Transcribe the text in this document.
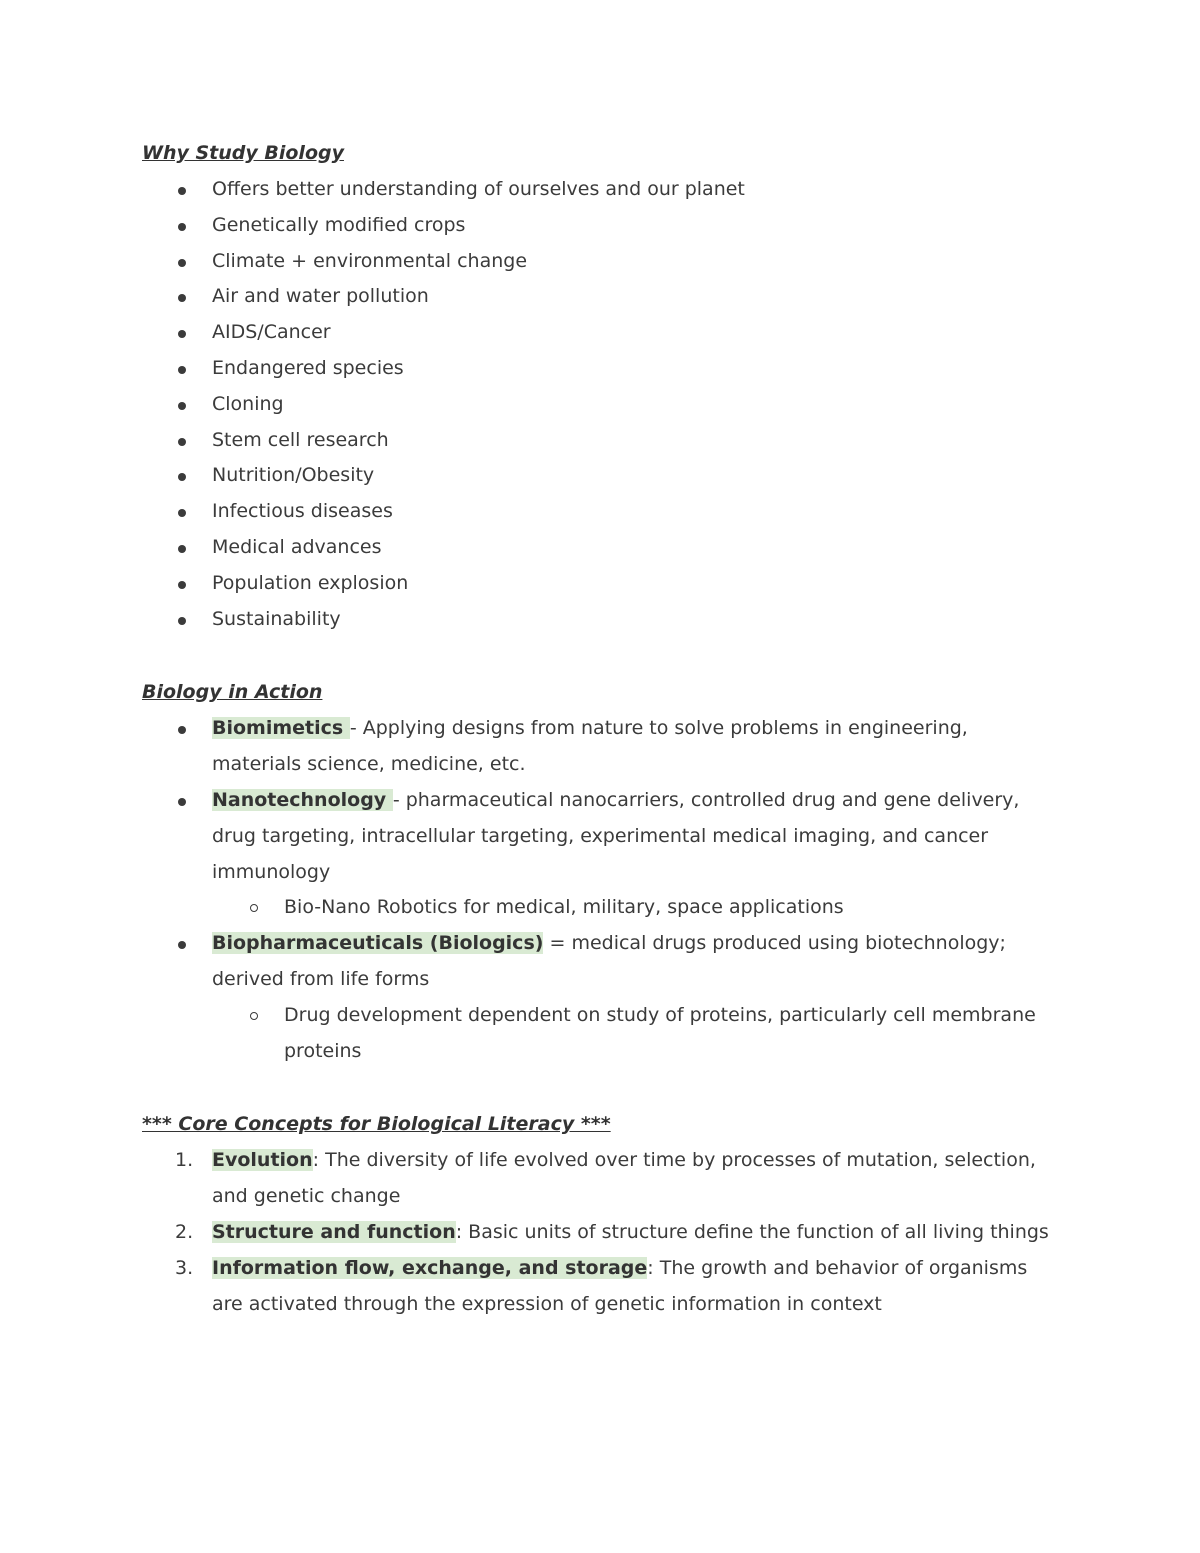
Why Study Biology

Offers better understanding of ourselves and our planet
Genetically modified crops
Climate + environmental change
Air and water pollution
AIDS/Cancer
Endangered species
Cloning
Stem cell research
Nutrition/Obesity
Infectious diseases
Medical advances
Population explosion
Sustainability

Biology in Action

Biomimetics - Applying designs from nature to solve problems in engineering, materials science, medicine, etc.
Nanotechnology - pharmaceutical nanocarriers, controlled drug and gene delivery, drug targeting, intracellular targeting, experimental medical imaging, and cancer immunology
Bio-Nano Robotics for medical, military, space applications
Biopharmaceuticals (Biologics) = medical drugs produced using biotechnology; derived from life forms
Drug development dependent on study of proteins, particularly cell membrane proteins

*** Core Concepts for Biological Literacy ***

1. Evolution: The diversity of life evolved over time by processes of mutation, selection, and genetic change
2. Structure and function: Basic units of structure define the function of all living things
3. Information flow, exchange, and storage: The growth and behavior of organisms are activated through the expression of genetic information in context
